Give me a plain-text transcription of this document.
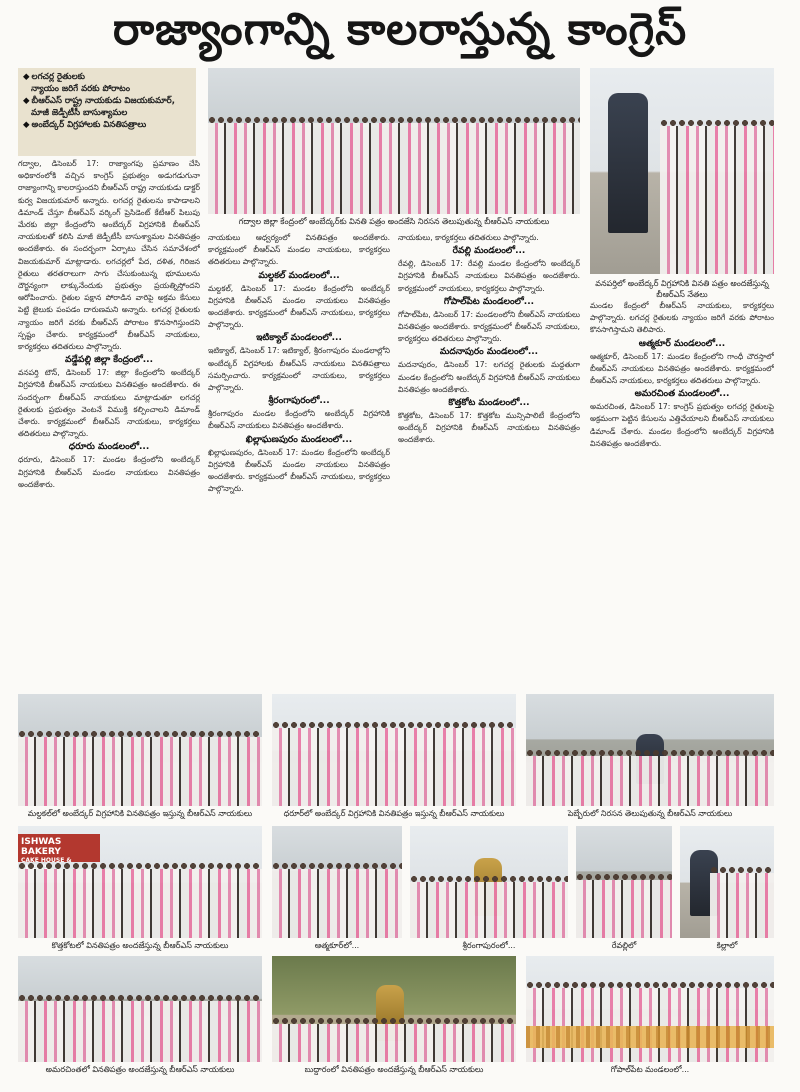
రాజ్యాంగాన్ని కాలరాస్తున్న కాంగ్రెస్
◆ లగచర్ల రైతులకు
న్యాయం జరిగే వరకు పోరాటం
◆ బీఆర్ఎస్ రాష్ట్ర నాయకుడు విజయకుమార్,
మాజీ జెడ్పీటీసీ బాసుశ్యామల
◆ అంబేద్కర్ విగ్రహాలకు వినతిపత్రాలు

గద్వాల, డిసెంబర్ 17: రాజ్యాంగపు ప్రమాణం చేసి అధికారంలోకి వచ్చిన కాంగ్రెస్ ప్రభుత్వం అడుగడుగునా రాజ్యాంగాన్ని కాలరాస్తుందని బీఆర్ఎస్ రాష్ట్ర నాయకుడు డాక్టర్ కుర్వ విజయకుమార్ అన్నారు. లగచర్ల రైతులను కాపాడాలని డిమాండ్ చేస్తూ బీఆర్ఎస్ వర్కింగ్ ప్రెసిడెంట్ కేటీఆర్ పిలుపు మేరకు జిల్లా కేంద్రంలోని అంబేద్కర్ విగ్రహానికి బీఆర్ఎస్ నాయకులతో కలిసి మాజీ జెడ్పీటీసీ బాసుశ్యామల వినతిపత్రం అందజేశారు. ఈ సందర్భంగా ఏర్పాటు చేసిన సమావేశంలో విజయకుమార్ మాట్లాడారు. లగచర్లలో పేద, దళిత, గిరిజన రైతులు తరతరాలుగా సాగు చేసుకుంటున్న భూములను దౌర్జన్యంగా లాక్కునేందుకు ప్రభుత్వం ప్రయత్నిస్తోందని ఆరోపించారు. రైతుల పక్షాన పోరాడిన వారిపై అక్రమ కేసులు పెట్టి జైలుకు పంపడం దారుణమని అన్నారు. లగచర్ల రైతులకు న్యాయం జరిగే వరకు బీఆర్ఎస్ పోరాటం కొనసాగిస్తుందని స్పష్టం చేశారు. కార్యక్రమంలో బీఆర్ఎస్ నాయకులు, కార్యకర్తలు తదితరులు పాల్గొన్నారు.

వడ్డేపల్లి జిల్లా కేంద్రంలో...

వనపర్తి టౌన్, డిసెంబర్ 17: జిల్లా కేంద్రంలోని అంబేద్కర్ విగ్రహానికి బీఆర్ఎస్ నాయకులు వినతిపత్రం అందజేశారు. ఈ సందర్భంగా బీఆర్ఎస్ నాయకులు మాట్లాడుతూ లగచర్ల రైతులకు ప్రభుత్వం వెంటనే విముక్తి కల్పించాలని డిమాండ్ చేశారు. కార్యక్రమంలో బీఆర్ఎస్ నాయకులు, కార్యకర్తలు తదితరులు పాల్గొన్నారు.

ధరూరు మండలంలో...

ధరూరు, డిసెంబర్ 17: మండల కేంద్రంలోని అంబేద్కర్ విగ్రహానికి బీఆర్ఎస్ మండల నాయకులు వినతిపత్రం అందజేశారు.

గద్వాల జిల్లా కేంద్రంలో అంబేద్కర్‌కు వినతి పత్రం అందజేసి నిరసన తెలుపుతున్న బీఆర్ఎస్ నాయకులు
వనపర్తిలో అంబేద్కర్ విగ్రహానికి వినతి పత్రం అందజేస్తున్న బీఆర్ఎస్ నేతలు

నాయకులు ఆధ్వర్యంలో వినతిపత్రం అందజేశారు. కార్యక్రమంలో బీఆర్ఎస్ మండల నాయకులు, కార్యకర్తలు తదితరులు పాల్గొన్నారు.

మల్దకల్ మండలంలో...

మల్దకల్, డిసెంబర్ 17: మండల కేంద్రంలోని అంబేద్కర్ విగ్రహానికి బీఆర్ఎస్ మండల నాయకులు వినతిపత్రం అందజేశారు. కార్యక్రమంలో బీఆర్ఎస్ నాయకులు, కార్యకర్తలు పాల్గొన్నారు.

ఇటిక్యాల్ మండలంలో...

ఇటిక్యాల్, డిసెంబర్ 17: ఇటిక్యాల్, శ్రీరంగాపురం మండలాల్లోని అంబేద్కర్ విగ్రహాలకు బీఆర్ఎస్ నాయకులు వినతిపత్రాలు సమర్పించారు. కార్యక్రమంలో నాయకులు, కార్యకర్తలు పాల్గొన్నారు.

శ్రీరంగాపురంలో...

శ్రీరంగాపురం మండల కేంద్రంలోని అంబేద్కర్ విగ్రహానికి బీఆర్ఎస్ నాయకులు వినతిపత్రం అందజేశారు.

ఖిల్లాఘణపురం మండలంలో...

ఖిల్లాఘణపురం, డిసెంబర్ 17: మండల కేంద్రంలోని అంబేద్కర్ విగ్రహానికి బీఆర్ఎస్ మండల నాయకులు వినతిపత్రం అందజేశారు. కార్యక్రమంలో బీఆర్ఎస్ నాయకులు, కార్యకర్తలు పాల్గొన్నారు.

నాయకులు, కార్యకర్తలు తదితరులు పాల్గొన్నారు.

రేవల్లి మండలంలో...

రేవల్లి, డిసెంబర్ 17: రేవల్లి మండల కేంద్రంలోని అంబేద్కర్ విగ్రహానికి బీఆర్ఎస్ నాయకులు వినతిపత్రం అందజేశారు. కార్యక్రమంలో నాయకులు, కార్యకర్తలు పాల్గొన్నారు.

గోపాల్‌పేట మండలంలో...

గోపాల్‌పేట, డిసెంబర్ 17: మండలంలోని బీఆర్ఎస్ నాయకులు వినతిపత్రం అందజేశారు. కార్యక్రమంలో బీఆర్ఎస్ నాయకులు, కార్యకర్తలు తదితరులు పాల్గొన్నారు.

మదనాపురం మండలంలో...

మదనాపురం, డిసెంబర్ 17: లగచర్ల రైతులకు మద్దతుగా మండల కేంద్రంలోని అంబేద్కర్ విగ్రహానికి బీఆర్ఎస్ నాయకులు వినతిపత్రం అందజేశారు.

కొత్తకోట మండలంలో...

కొత్తకోట, డిసెంబర్ 17: కొత్తకోట మున్సిపాలిటీ కేంద్రంలోని అంబేద్కర్ విగ్రహానికి బీఆర్ఎస్ నాయకులు వినతిపత్రం అందజేశారు.

మండల కేంద్రంలో బీఆర్ఎస్ నాయకులు, కార్యకర్తలు పాల్గొన్నారు. లగచర్ల రైతులకు న్యాయం జరిగే వరకు పోరాటం కొనసాగిస్తామని తెలిపారు.

ఆత్మకూర్ మండలంలో...

ఆత్మకూర్, డిసెంబర్ 17: మండల కేంద్రంలోని గాంధీ చౌరస్తాలో బీఆర్ఎస్ నాయకులు వినతిపత్రం అందజేశారు. కార్యక్రమంలో బీఆర్ఎస్ నాయకులు, కార్యకర్తలు తదితరులు పాల్గొన్నారు.

అమరచింత మండలంలో...

అమరచింత, డిసెంబర్ 17: కాంగ్రెస్ ప్రభుత్వం లగచర్ల రైతులపై అక్రమంగా పెట్టిన కేసులను ఎత్తివేయాలని బీఆర్ఎస్ నాయకులు డిమాండ్ చేశారు. మండల కేంద్రంలోని అంబేద్కర్ విగ్రహానికి వినతిపత్రం అందజేశారు.

మల్దకల్‌లో అంబేద్కర్ విగ్రహానికి వినతిపత్రం ఇస్తున్న బీఆర్ఎస్ నాయకులు	ధరూర్‌లో అంబేద్కర్ విగ్రహానికి వినతిపత్రం ఇస్తున్న బీఆర్ఎస్ నాయకులు	పెబ్బేరులో నిరసన తెలుపుతున్న బీఆర్ఎస్ నాయకులు
ISHWAS BAKERY
కొత్తకోటలో వినతిపత్రం అందజేస్తున్న బీఆర్ఎస్ నాయకులు	ఆత్మకూర్‌లో...	శ్రీరంగాపురంలో...	రేవల్లిలో	కిల్లాలో
అమరచింతలో వినతిపత్రం అందజేస్తున్న బీఆర్ఎస్ నాయకులు	బుద్దారంలో వినతిపత్రం అందజేస్తున్న బీఆర్ఎస్ నాయకులు	గోపాల్‌పేట మండలంలో...
